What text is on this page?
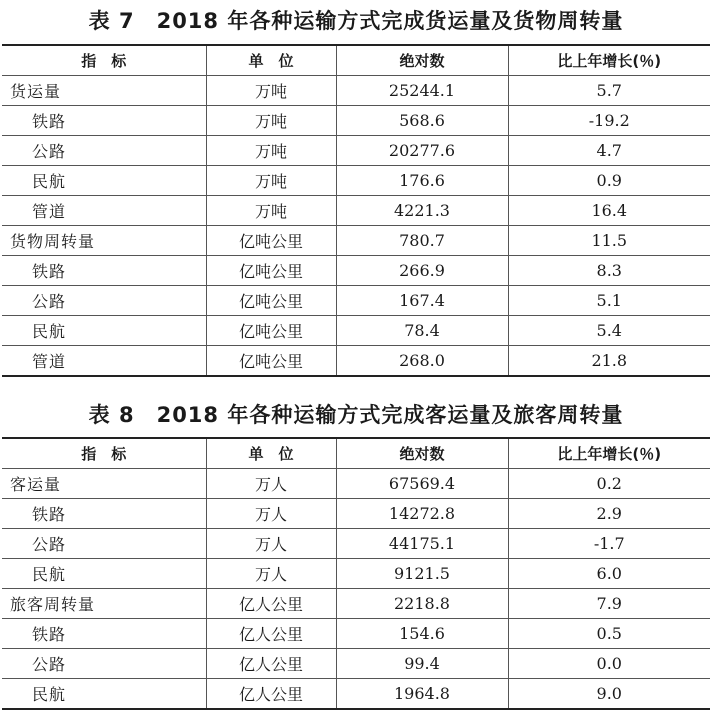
表 7　2018 年各种运输方式完成货运量及货物周转量
指　标	单　位	绝对数	比上年增长(％)
货运量	万吨	25244.1	5.7
铁路	万吨	568.6	-19.2
公路	万吨	20277.6	4.7
民航	万吨	176.6	0.9
管道	万吨	4221.3	16.4
货物周转量	亿吨公里	780.7	11.5
铁路	亿吨公里	266.9	8.3
公路	亿吨公里	167.4	5.1
民航	亿吨公里	78.4	5.4
管道	亿吨公里	268.0	21.8
表 8　2018 年各种运输方式完成客运量及旅客周转量
指　标	单　位	绝对数	比上年增长(％)
客运量	万人	67569.4	0.2
铁路	万人	14272.8	2.9
公路	万人	44175.1	-1.7
民航	万人	9121.5	6.0
旅客周转量	亿人公里	2218.8	7.9
铁路	亿人公里	154.6	0.5
公路	亿人公里	99.4	0.0
民航	亿人公里	1964.8	9.0
